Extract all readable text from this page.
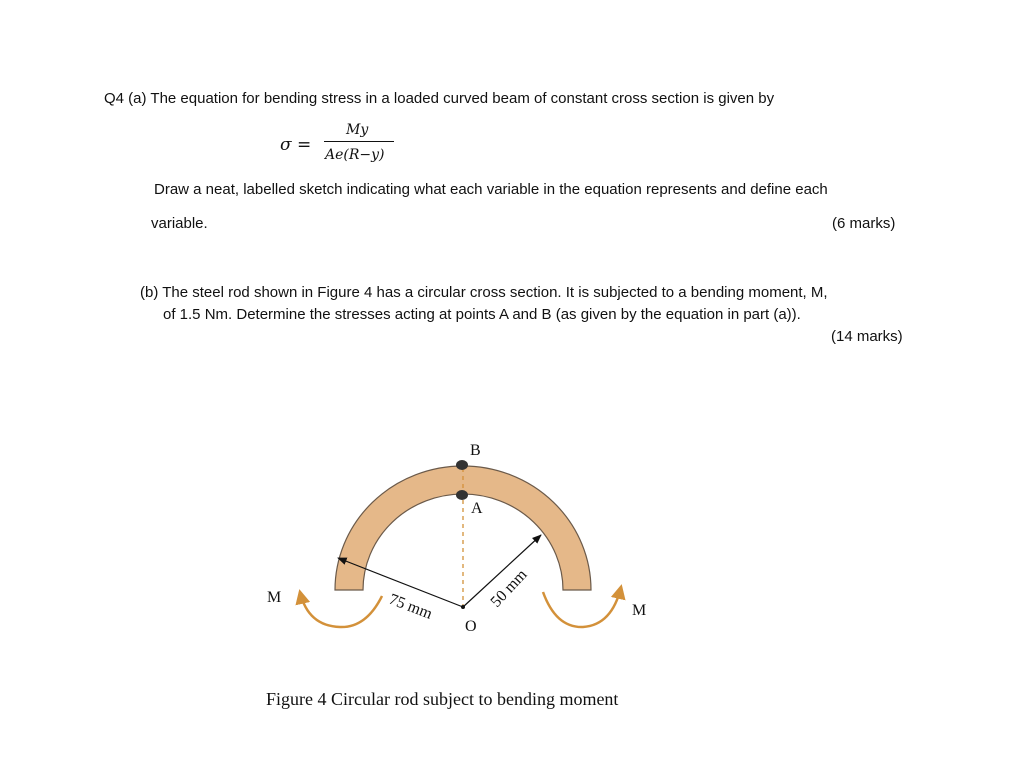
Q4 (a) The equation for bending stress in a loaded curved beam of constant cross section is given by
σ =
My
Ae(R−y)
Draw a neat, labelled sketch indicating what each variable in the equation represents and define each
variable.	(6 marks)
(b) The steel rod shown in Figure 4 has a circular cross section. It is subjected to a bending moment, M,
of 1.5 Nm. Determine the stresses acting at points A and B (as given by the equation in part (a)).
(14 marks)
B
A
O
M
M
75 mm	50 mm
Figure 4 Circular rod subject to bending moment
